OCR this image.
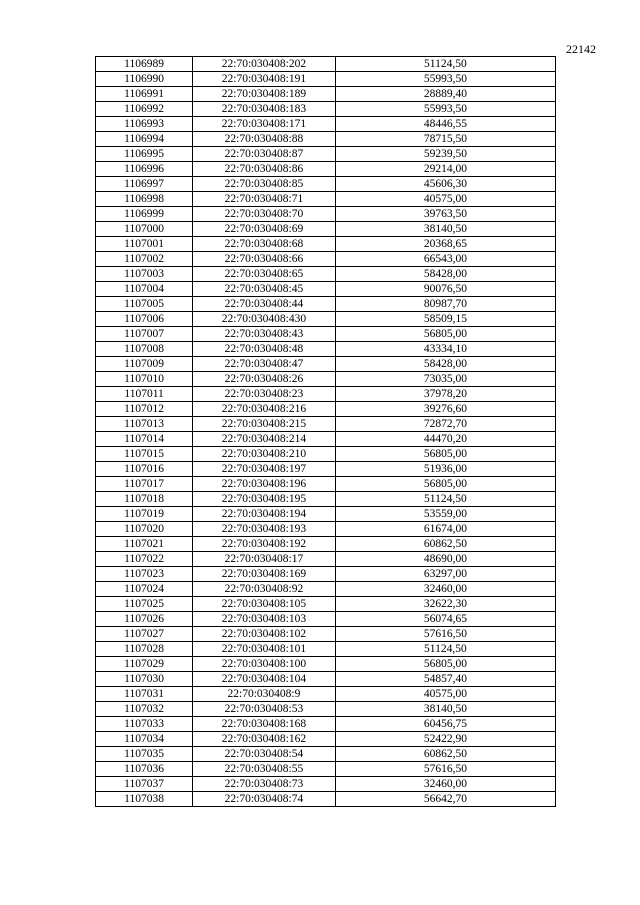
22142
1106989	22:70:030408:202	51124,50
1106990	22:70:030408:191	55993,50
1106991	22:70:030408:189	28889,40
1106992	22:70:030408:183	55993,50
1106993	22:70:030408:171	48446,55
1106994	22:70:030408:88	78715,50
1106995	22:70:030408:87	59239,50
1106996	22:70:030408:86	29214,00
1106997	22:70:030408:85	45606,30
1106998	22:70:030408:71	40575,00
1106999	22:70:030408:70	39763,50
1107000	22:70:030408:69	38140,50
1107001	22:70:030408:68	20368,65
1107002	22:70:030408:66	66543,00
1107003	22:70:030408:65	58428,00
1107004	22:70:030408:45	90076,50
1107005	22:70:030408:44	80987,70
1107006	22:70:030408:430	58509,15
1107007	22:70:030408:43	56805,00
1107008	22:70:030408:48	43334,10
1107009	22:70:030408:47	58428,00
1107010	22:70:030408:26	73035,00
1107011	22:70:030408:23	37978,20
1107012	22:70:030408:216	39276,60
1107013	22:70:030408:215	72872,70
1107014	22:70:030408:214	44470,20
1107015	22:70:030408:210	56805,00
1107016	22:70:030408:197	51936,00
1107017	22:70:030408:196	56805,00
1107018	22:70:030408:195	51124,50
1107019	22:70:030408:194	53559,00
1107020	22:70:030408:193	61674,00
1107021	22:70:030408:192	60862,50
1107022	22:70:030408:17	48690,00
1107023	22:70:030408:169	63297,00
1107024	22:70:030408:92	32460,00
1107025	22:70:030408:105	32622,30
1107026	22:70:030408:103	56074,65
1107027	22:70:030408:102	57616,50
1107028	22:70:030408:101	51124,50
1107029	22:70:030408:100	56805,00
1107030	22:70:030408:104	54857,40
1107031	22:70:030408:9	40575,00
1107032	22:70:030408:53	38140,50
1107033	22:70:030408:168	60456,75
1107034	22:70:030408:162	52422,90
1107035	22:70:030408:54	60862,50
1107036	22:70:030408:55	57616,50
1107037	22:70:030408:73	32460,00
1107038	22:70:030408:74	56642,70
